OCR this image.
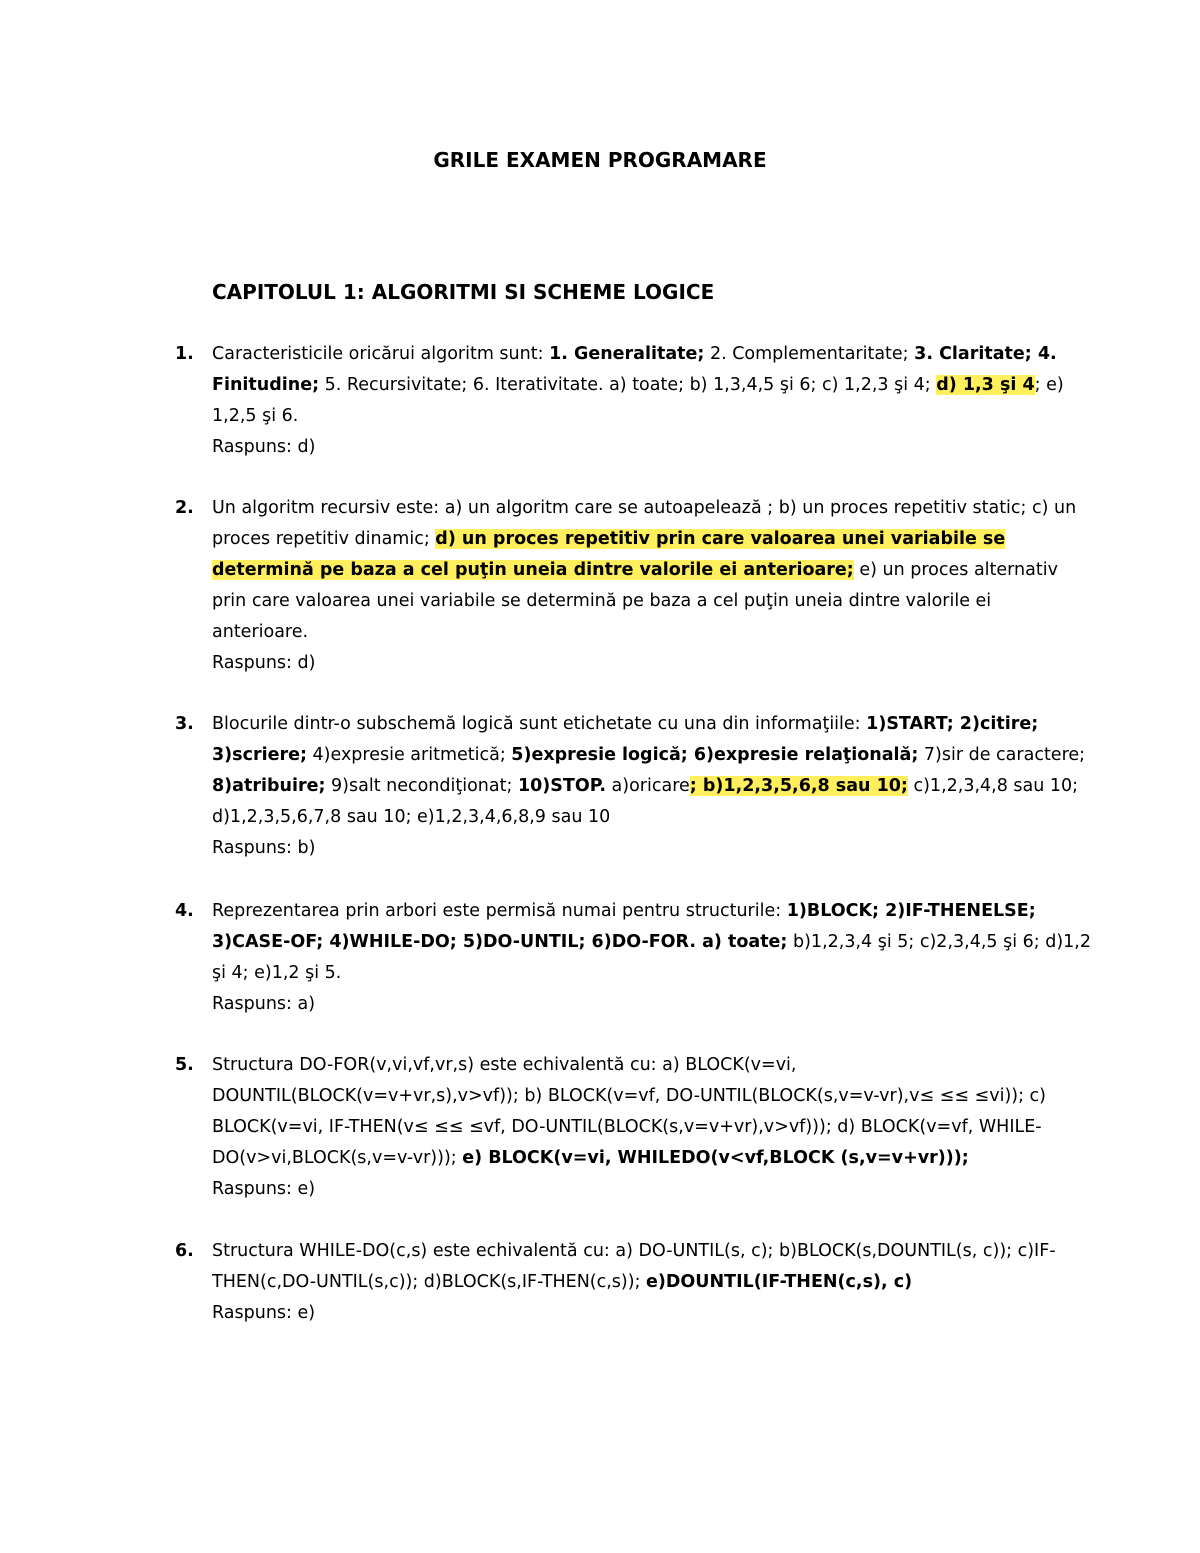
GRILE EXAMEN PROGRAMARE
CAPITOLUL 1: ALGORITMI SI SCHEME LOGICE
1. Caracteristicile oricărui algoritm sunt: 1. Generalitate; 2. Complementaritate; 3. Claritate; 4. Finitudine; 5. Recursivitate; 6. Iterativitate. a) toate; b) 1,3,4,5 şi 6; c) 1,2,3 şi 4; d) 1,3 şi 4; e) 1,2,5 şi 6.

Raspuns: d)

2. Un algoritm recursiv este: a) un algoritm care se autoapelează ; b) un proces repetitiv static; c) un proces repetitiv dinamic; d) un proces repetitiv prin care valoarea unei variabile se determină pe baza a cel puţin uneia dintre valorile ei anterioare; e) un proces alternativ prin care valoarea unei variabile se determină pe baza a cel puţin uneia dintre valorile ei anterioare.

Raspuns: d)

3. Blocurile dintr-o subschemă logică sunt etichetate cu una din informaţiile: 1)START; 2)citire; 3)scriere; 4)expresie aritmetică; 5)expresie logică; 6)expresie relaţională; 7)sir de caractere; 8)atribuire; 9)salt necondiţionat; 10)STOP. a)oricare; b)1,2,3,5,6,8 sau 10; c)1,2,3,4,8 sau 10; d)1,2,3,5,6,7,8 sau 10; e)1,2,3,4,6,8,9 sau 10

Raspuns: b)

4. Reprezentarea prin arbori este permisă numai pentru structurile: 1)BLOCK; 2)IF-THENELSE; 3)CASE-OF; 4)WHILE-DO; 5)DO-UNTIL; 6)DO-FOR. a) toate; b)1,2,3,4 şi 5; c)2,3,4,5 şi 6; d)1,2 şi 4; e)1,2 şi 5.

Raspuns: a)

5. Structura DO-FOR(v,vi,vf,vr,s) este echivalentă cu: a) BLOCK(v=vi, DOUNTIL(BLOCK(v=v+vr,s),v>vf)); b) BLOCK(v=vf, DO-UNTIL(BLOCK(s,v=v-vr),v≤ ≤≤ ≤vi)); c) BLOCK(v=vi, IF-THEN(v≤ ≤≤ ≤vf, DO-UNTIL(BLOCK(s,v=v+vr),v>vf))); d) BLOCK(v=vf, WHILE-DO(v>vi,BLOCK(s,v=v-vr))); e) BLOCK(v=vi, WHILEDO(v<vf,BLOCK (s,v=v+vr)));

Raspuns: e)

6. Structura WHILE-DO(c,s) este echivalentă cu: a) DO-UNTIL(s, c); b)BLOCK(s,DOUNTIL(s, c)); c)IF-THEN(c,DO-UNTIL(s,c)); d)BLOCK(s,IF-THEN(c,s)); e)DOUNTIL(IF-THEN(c,s), c)

Raspuns: e)
